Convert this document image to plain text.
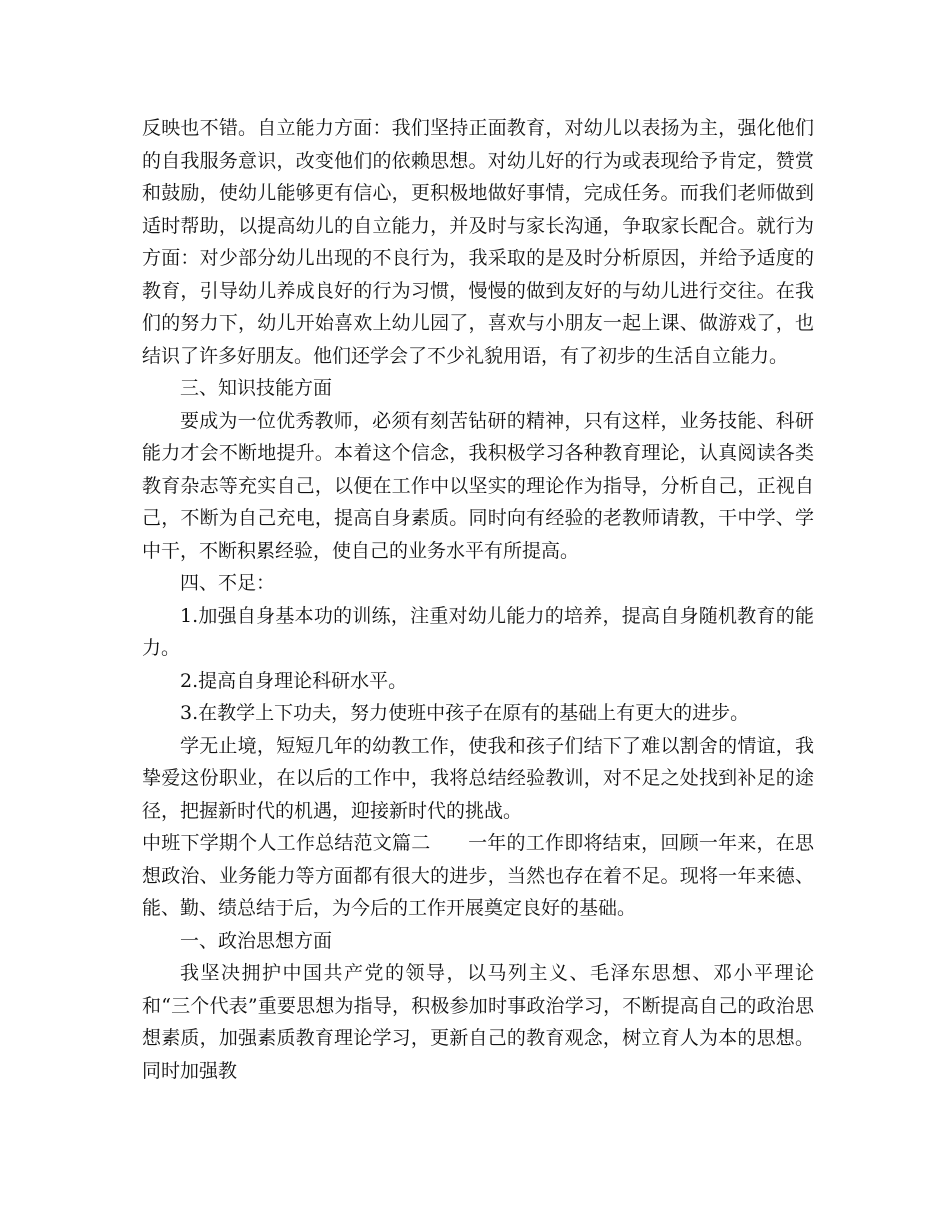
反映也不错。自立能力方面：我们坚持正面教育，对幼儿以表扬为主，强化他们的自我服务意识，改变他们的依赖思想。对幼儿好的行为或表现给予肯定，赞赏和鼓励，使幼儿能够更有信心，更积极地做好事情，完成任务。而我们老师做到适时帮助，以提高幼儿的自立能力，并及时与家长沟通，争取家长配合。就行为方面：对少部分幼儿出现的不良行为，我采取的是及时分析原因，并给予适度的教育，引导幼儿养成良好的行为习惯，慢慢的做到友好的与幼儿进行交往。在我们的努力下，幼儿开始喜欢上幼儿园了，喜欢与小朋友一起上课、做游戏了，也结识了许多好朋友。他们还学会了不少礼貌用语，有了初步的生活自立能力。

三、知识技能方面

要成为一位优秀教师，必须有刻苦钻研的精神，只有这样，业务技能、科研能力才会不断地提升。本着这个信念，我积极学习各种教育理论，认真阅读各类教育杂志等充实自己，以便在工作中以坚实的理论作为指导，分析自己，正视自己，不断为自己充电，提高自身素质。同时向有经验的老教师请教，干中学、学中干，不断积累经验，使自己的业务水平有所提高。

四、不足：

1.加强自身基本功的训练，注重对幼儿能力的培养，提高自身随机教育的能力。

2.提高自身理论科研水平。

3.在教学上下功夫，努力使班中孩子在原有的基础上有更大的进步。

学无止境，短短几年的幼教工作，使我和孩子们结下了难以割舍的情谊，我挚爱这份职业，在以后的工作中，我将总结经验教训，对不足之处找到补足的途径，把握新时代的机遇，迎接新时代的挑战。

中班下学期个人工作总结范文篇二 一年的工作即将结束，回顾一年来，在思想政治、业务能力等方面都有很大的进步，当然也存在着不足。现将一年来德、能、勤、绩总结于后，为今后的工作开展奠定良好的基础。

一、政治思想方面

我坚决拥护中国共产党的领导，以马列主义、毛泽东思想、邓小平理论和“三个代表”重要思想为指导，积极参加时事政治学习，不断提高自己的政治思想素质，加强素质教育理论学习，更新自己的教育观念，树立育人为本的思想。同时加强教
